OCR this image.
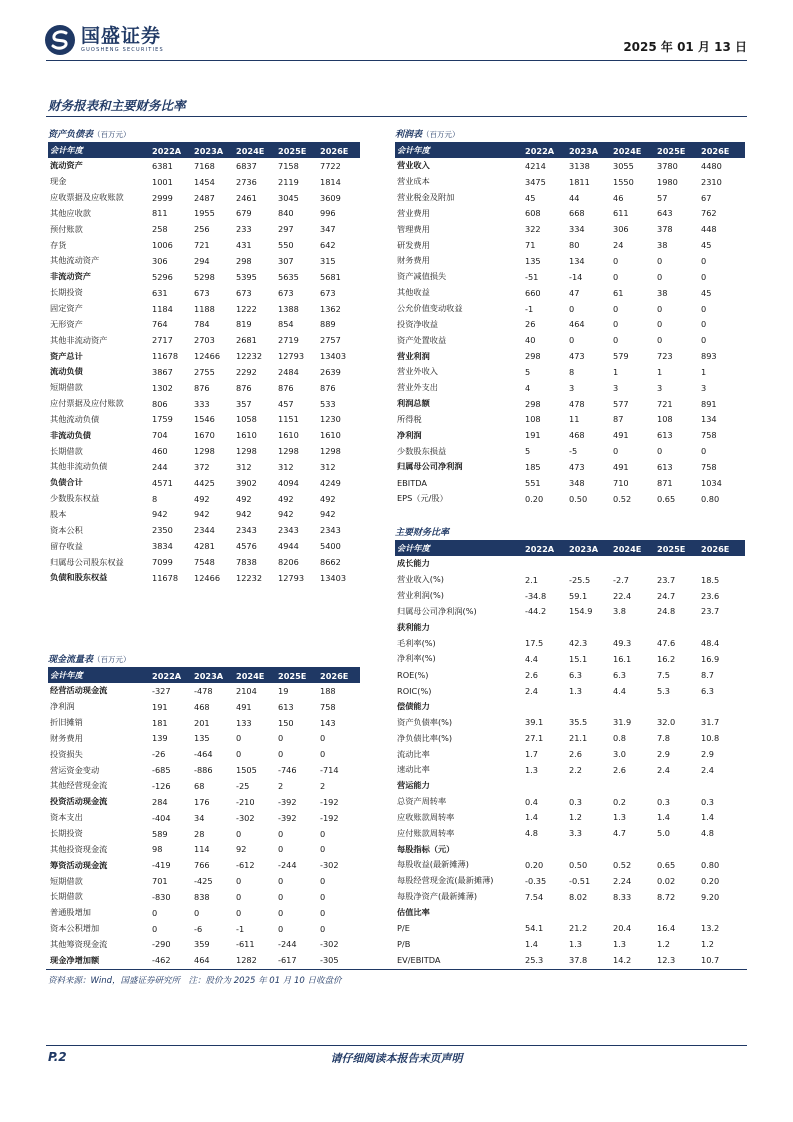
国盛证券
GUOSHENG SECURITIES	2025 年 01 月 13 日
财务报表和主要财务比率
资产负债表（百万元）
会计年度	2022A	2023A	2024E	2025E	2026E
流动资产	6381	7168	6837	7158	7722
现金	1001	1454	2736	2119	1814
应收票据及应收账款	2999	2487	2461	3045	3609
其他应收款	811	1955	679	840	996
预付账款	258	256	233	297	347
存货	1006	721	431	550	642
其他流动资产	306	294	298	307	315
非流动资产	5296	5298	5395	5635	5681
长期投资	631	673	673	673	673
固定资产	1184	1188	1222	1388	1362
无形资产	764	784	819	854	889
其他非流动资产	2717	2703	2681	2719	2757
资产总计	11678	12466	12232	12793	13403
流动负债	3867	2755	2292	2484	2639
短期借款	1302	876	876	876	876
应付票据及应付账款	806	333	357	457	533
其他流动负债	1759	1546	1058	1151	1230
非流动负债	704	1670	1610	1610	1610
长期借款	460	1298	1298	1298	1298
其他非流动负债	244	372	312	312	312
负债合计	4571	4425	3902	4094	4249
少数股东权益	8	492	492	492	492
股本	942	942	942	942	942
资本公积	2350	2344	2343	2343	2343
留存收益	3834	4281	4576	4944	5400
归属母公司股东权益	7099	7548	7838	8206	8662
负债和股东权益	11678	12466	12232	12793	13403
利润表（百万元）
会计年度	2022A	2023A	2024E	2025E	2026E
营业收入	4214	3138	3055	3780	4480
营业成本	3475	1811	1550	1980	2310
营业税金及附加	45	44	46	57	67
营业费用	608	668	611	643	762
管理费用	322	334	306	378	448
研发费用	71	80	24	38	45
财务费用	135	134	0	0	0
资产减值损失	-51	-14	0	0	0
其他收益	660	47	61	38	45
公允价值变动收益	-1	0	0	0	0
投资净收益	26	464	0	0	0
资产处置收益	40	0	0	0	0
营业利润	298	473	579	723	893
营业外收入	5	8	1	1	1
营业外支出	4	3	3	3	3
利润总额	298	478	577	721	891
所得税	108	11	87	108	134
净利润	191	468	491	613	758
少数股东损益	5	-5	0	0	0
归属母公司净利润	185	473	491	613	758
EBITDA	551	348	710	871	1034
EPS（元/股）	0.20	0.50	0.52	0.65	0.80
主要财务比率
会计年度	2022A	2023A	2024E	2025E	2026E
成长能力					
营业收入(%)	2.1	-25.5	-2.7	23.7	18.5
营业利润(%)	-34.8	59.1	22.4	24.7	23.6
归属母公司净利润(%)	-44.2	154.9	3.8	24.8	23.7
获利能力					
毛利率(%)	17.5	42.3	49.3	47.6	48.4
净利率(%)	4.4	15.1	16.1	16.2	16.9
ROE(%)	2.6	6.3	6.3	7.5	8.7
ROIC(%)	2.4	1.3	4.4	5.3	6.3
偿债能力					
资产负债率(%)	39.1	35.5	31.9	32.0	31.7
净负债比率(%)	27.1	21.1	0.8	7.8	10.8
流动比率	1.7	2.6	3.0	2.9	2.9
速动比率	1.3	2.2	2.6	2.4	2.4
营运能力					
总资产周转率	0.4	0.3	0.2	0.3	0.3
应收账款周转率	1.4	1.2	1.3	1.4	1.4
应付账款周转率	4.8	3.3	4.7	5.0	4.8
每股指标（元）					
每股收益(最新摊薄)	0.20	0.50	0.52	0.65	0.80
每股经营现金流(最新摊薄)	-0.35	-0.51	2.24	0.02	0.20
每股净资产(最新摊薄)	7.54	8.02	8.33	8.72	9.20
估值比率					
P/E	54.1	21.2	20.4	16.4	13.2
P/B	1.4	1.3	1.3	1.2	1.2
EV/EBITDA	25.3	37.8	14.2	12.3	10.7
现金流量表（百万元）
会计年度	2022A	2023A	2024E	2025E	2026E
经营活动现金流	-327	-478	2104	19	188
净利润	191	468	491	613	758
折旧摊销	181	201	133	150	143
财务费用	139	135	0	0	0
投资损失	-26	-464	0	0	0
营运资金变动	-685	-886	1505	-746	-714
其他经营现金流	-126	68	-25	2	2
投资活动现金流	284	176	-210	-392	-192
资本支出	-404	34	-302	-392	-192
长期投资	589	28	0	0	0
其他投资现金流	98	114	92	0	0
筹资活动现金流	-419	766	-612	-244	-302
短期借款	701	-425	0	0	0
长期借款	-830	838	0	0	0
普通股增加	0	0	0	0	0
资本公积增加	0	-6	-1	0	0
其他筹资现金流	-290	359	-611	-244	-302
现金净增加额	-462	464	1282	-617	-305
资料来源：Wind，国盛证券研究所　注：股价为 2025 年 01 月 10 日收盘价
P.2	请仔细阅读本报告末页声明
